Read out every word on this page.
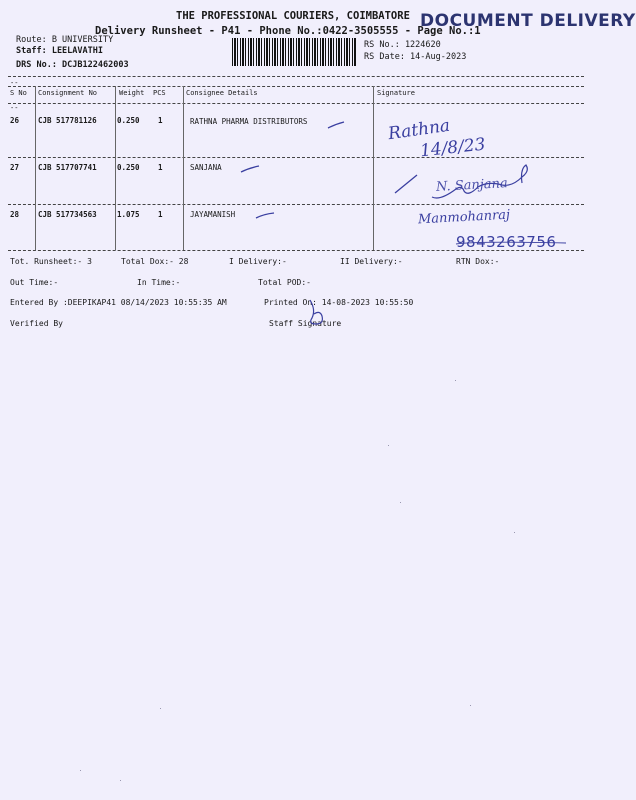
THE PROFESSIONAL COURIERS, COIMBATORE
Delivery Runsheet - P41 - Phone No.:0422-3505555 - Page No.:1
DOCUMENT DELIVERY
Route: B UNIVERSITY
Staff: LEELAVATHI
DRS No.: DCJB122462003
RS No.: 1224620
RS Date: 14-Aug-2023
--
--
S No Consignment No	Weight PCS	Consignee Details	Signature
26	CJB 517781126	0.250 1	RATHNA PHARMA DISTRIBUTORS
27	CJB 517707741	0.250 1	SANJANA
28	CJB 517734563	1.075 1	JAYAMANISH
Rathna
14/8/23
N. Sanjana
Manmohanraj
9843263756
Tot. Runsheet:- 3	Total Dox:- 28	I Delivery:-	II Delivery:-	RTN Dox:-
Out Time:-	In Time:-	Total POD:-
Entered By :DEEPIKAP41 08/14/2023 10:55:35 AM	Printed On: 14-08-2023 10:55:50
Verified By	Staff Signature
